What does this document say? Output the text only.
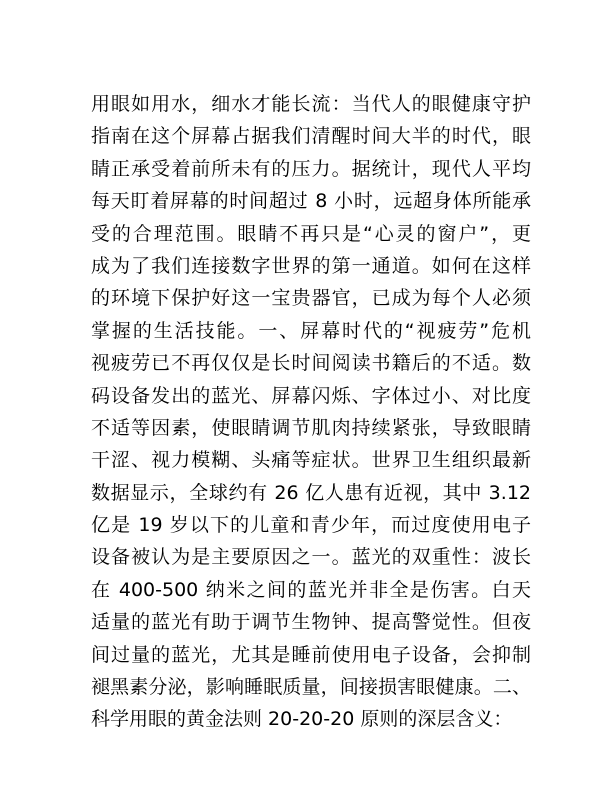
用眼如用水，细水才能长流：当代人的眼健康守护
指南在这个屏幕占据我们清醒时间大半的时代，眼
睛正承受着前所未有的压力。据统计，现代人平均
每天盯着屏幕的时间超过 8 小时，远超身体所能承
受的合理范围。眼睛不再只是“心灵的窗户”，更
成为了我们连接数字世界的第一通道。如何在这样
的环境下保护好这一宝贵器官，已成为每个人必须
掌握的生活技能。一、屏幕时代的“视疲劳”危机
视疲劳已不再仅仅是长时间阅读书籍后的不适。数
码设备发出的蓝光、屏幕闪烁、字体过小、对比度
不适等因素，使眼睛调节肌肉持续紧张，导致眼睛
干涩、视力模糊、头痛等症状。世界卫生组织最新
数据显示，全球约有 26 亿人患有近视，其中 3.12
亿是 19 岁以下的儿童和青少年，而过度使用电子
设备被认为是主要原因之一。蓝光的双重性：波长
在 400-500 纳米之间的蓝光并非全是伤害。白天
适量的蓝光有助于调节生物钟、提高警觉性。但夜
间过量的蓝光，尤其是睡前使用电子设备，会抑制
褪黑素分泌，影响睡眠质量，间接损害眼健康。二、
科学用眼的黄金法则 20-20-20 原则的深层含义：
